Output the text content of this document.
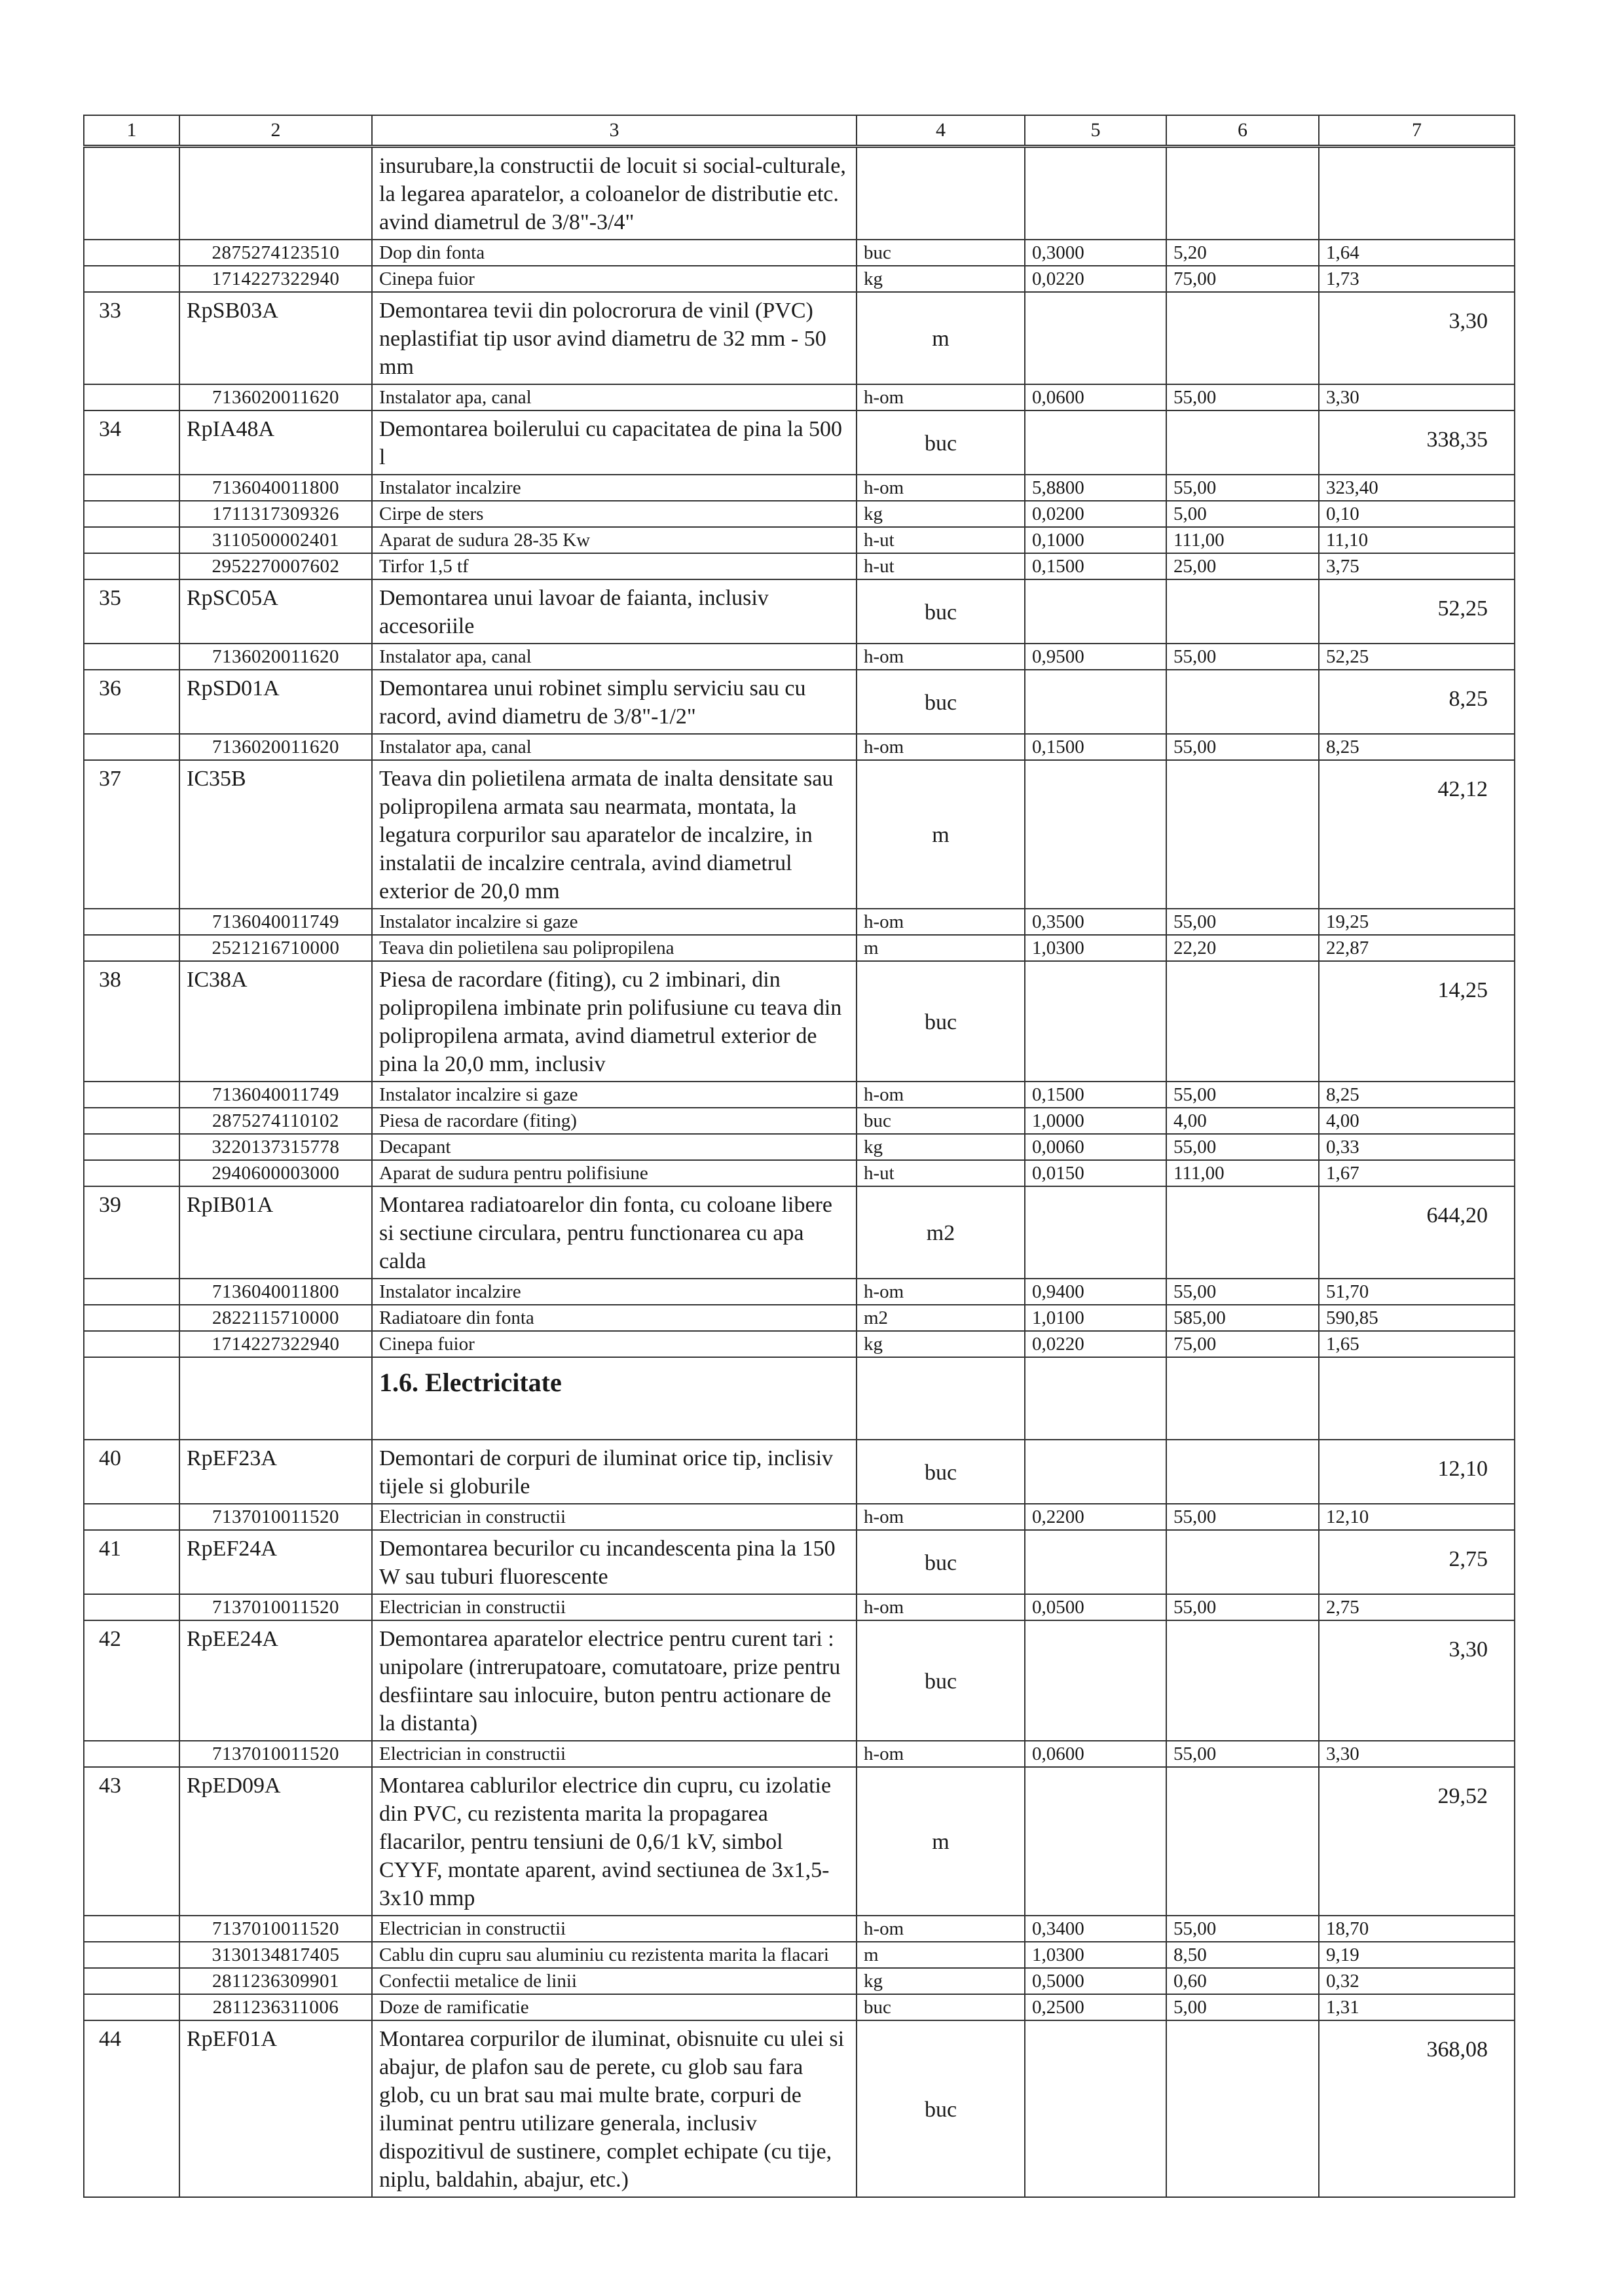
1	2	3	4	5	6	7
		insurubare,la constructii de locuit si social-culturale, la legarea aparatelor, a coloanelor de distributie etc. avind diametrul de 3/8"-3/4"				
	2875274123510	Dop din fonta	buc	0,3000	5,20	1,64
	1714227322940	Cinepa fuior	kg	0,0220	75,00	1,73
33	RpSB03A	Demontarea tevii din polocrorura de vinil (PVC) neplastifiat tip usor avind diametru de 32 mm - 50 mm	m			3,30
	7136020011620	Instalator apa, canal	h-om	0,0600	55,00	3,30
34	RpIA48A	Demontarea boilerului cu capacitatea de pina la 500 l	buc			338,35
	7136040011800	Instalator incalzire	h-om	5,8800	55,00	323,40
	1711317309326	Cirpe de sters	kg	0,0200	5,00	0,10
	3110500002401	Aparat de sudura 28-35 Kw	h-ut	0,1000	111,00	11,10
	2952270007602	Tirfor 1,5 tf	h-ut	0,1500	25,00	3,75
35	RpSC05A	Demontarea unui lavoar de faianta, inclusiv accesoriile	buc			52,25
	7136020011620	Instalator apa, canal	h-om	0,9500	55,00	52,25
36	RpSD01A	Demontarea unui robinet simplu serviciu sau cu racord, avind diametru de 3/8"-1/2"	buc			8,25
	7136020011620	Instalator apa, canal	h-om	0,1500	55,00	8,25
37	IC35B	Teava din polietilena armata de inalta densitate sau polipropilena armata sau nearmata, montata, la legatura corpurilor sau aparatelor de incalzire, in instalatii de incalzire centrala, avind diametrul exterior de 20,0 mm	m			42,12
	7136040011749	Instalator incalzire si gaze	h-om	0,3500	55,00	19,25
	2521216710000	Teava din polietilena sau polipropilena	m	1,0300	22,20	22,87
38	IC38A	Piesa de racordare (fiting), cu 2 imbinari, din polipropilena imbinate prin polifusiune cu teava din polipropilena armata, avind diametrul exterior de pina la 20,0 mm, inclusiv	buc			14,25
	7136040011749	Instalator incalzire si gaze	h-om	0,1500	55,00	8,25
	2875274110102	Piesa de racordare (fiting)	buc	1,0000	4,00	4,00
	3220137315778	Decapant	kg	0,0060	55,00	0,33
	2940600003000	Aparat de sudura pentru polifisiune	h-ut	0,0150	111,00	1,67
39	RpIB01A	Montarea radiatoarelor din fonta, cu coloane libere si sectiune circulara, pentru functionarea cu apa calda	m2			644,20
	7136040011800	Instalator incalzire	h-om	0,9400	55,00	51,70
	2822115710000	Radiatoare din fonta	m2	1,0100	585,00	590,85
	1714227322940	Cinepa fuior	kg	0,0220	75,00	1,65
		1.6. Electricitate				
40	RpEF23A	Demontari de corpuri de iluminat orice tip, inclisiv tijele si globurile	buc			12,10
	7137010011520	Electrician in constructii	h-om	0,2200	55,00	12,10
41	RpEF24A	Demontarea becurilor cu incandescenta pina la 150 W sau tuburi fluorescente	buc			2,75
	7137010011520	Electrician in constructii	h-om	0,0500	55,00	2,75
42	RpEE24A	Demontarea aparatelor electrice pentru curent tari : unipolare (intrerupatoare, comutatoare, prize pentru desfiintare sau inlocuire, buton pentru actionare de la distanta)	buc			3,30
	7137010011520	Electrician in constructii	h-om	0,0600	55,00	3,30
43	RpED09A	Montarea cablurilor electrice din cupru, cu izolatie din PVC, cu rezistenta marita la propagarea flacarilor, pentru tensiuni de 0,6/1 kV, simbol CYYF, montate aparent, avind sectiunea de 3x1,5-3x10 mmp	m			29,52
	7137010011520	Electrician in constructii	h-om	0,3400	55,00	18,70
	3130134817405	Cablu din cupru sau aluminiu cu rezistenta marita la flacari	m	1,0300	8,50	9,19
	2811236309901	Confectii metalice de linii	kg	0,5000	0,60	0,32
	2811236311006	Doze de ramificatie	buc	0,2500	5,00	1,31
44	RpEF01A	Montarea corpurilor de iluminat, obisnuite cu ulei si abajur, de plafon sau de perete, cu glob sau fara glob, cu un brat sau mai multe brate, corpuri de iluminat pentru utilizare generala, inclusiv dispozitivul de sustinere, complet echipate (cu tije, niplu, baldahin, abajur, etc.)	buc			368,08
